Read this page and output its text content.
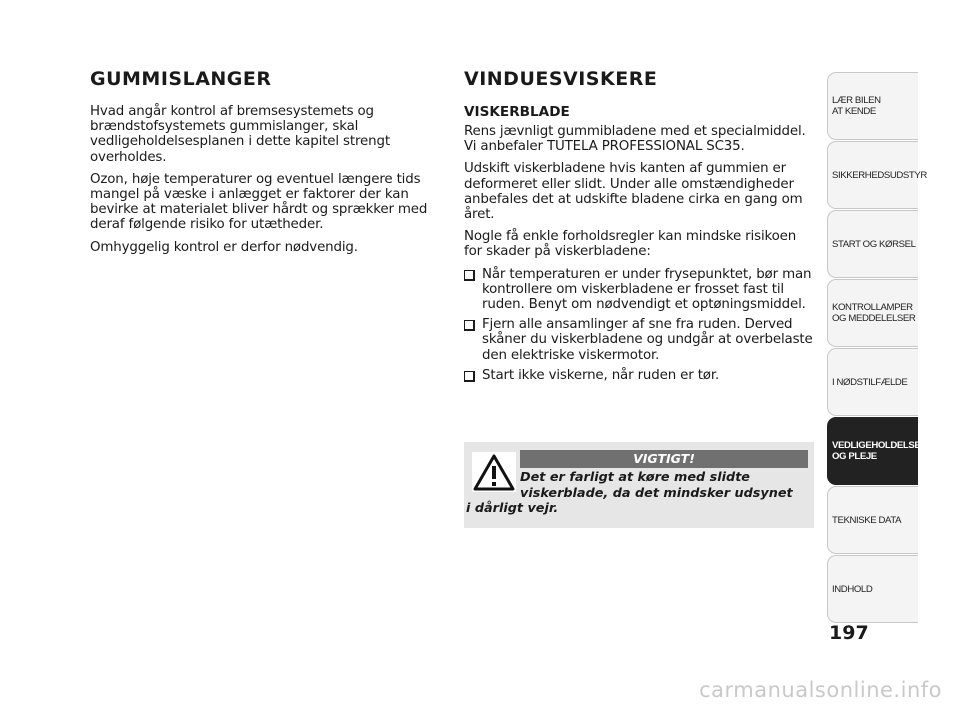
GUMMISLANGER

Hvad angår kontrol af bremsesystemets og brændstofsystemets gummislanger, skal vedligeholdelsesplanen i dette kapitel strengt overholdes.

Ozon, høje temperaturer og eventuel længere tids mangel på væske i anlægget er faktorer der kan bevirke at materialet bliver hårdt og sprækker med deraf følgende risiko for utætheder.

Omhyggelig kontrol er derfor nødvendig.

VINDUESVISKERE
VISKERBLADE

Rens jævnligt gummibladene med et specialmiddel. Vi anbefaler TUTELA PROFESSIONAL SC35.

Udskift viskerbladene hvis kanten af gummien er deformeret eller slidt. Under alle omstændigheder anbefales det at udskifte bladene cirka en gang om året.

Nogle få enkle forholdsregler kan mindske risikoen for skader på viskerbladene:

Når temperaturen er under frysepunktet, bør man kontrollere om viskerbladene er frosset fast til ruden. Benyt om nødvendigt et optøningsmiddel.
Fjern alle ansamlinger af sne fra ruden. Derved skåner du viskerbladene og undgår at overbelaste den elektriske viskermotor.
Start ikke viskerne, når ruden er tør.
VIGTIGT!
Det er farligt at køre med slidte
viskerblade, da det mindsker udsynet
i dårligt vejr.
LÆR BILEN
AT KENDE
SIKKERHEDSUDSTYR
START OG KØRSEL
KONTROLLAMPER
OG MEDDELELSER
I NØDSTILFÆLDE
VEDLIGEHOLDELSE
OG PLEJE
TEKNISKE DATA
INDHOLD
197
carmanualsonline.info
